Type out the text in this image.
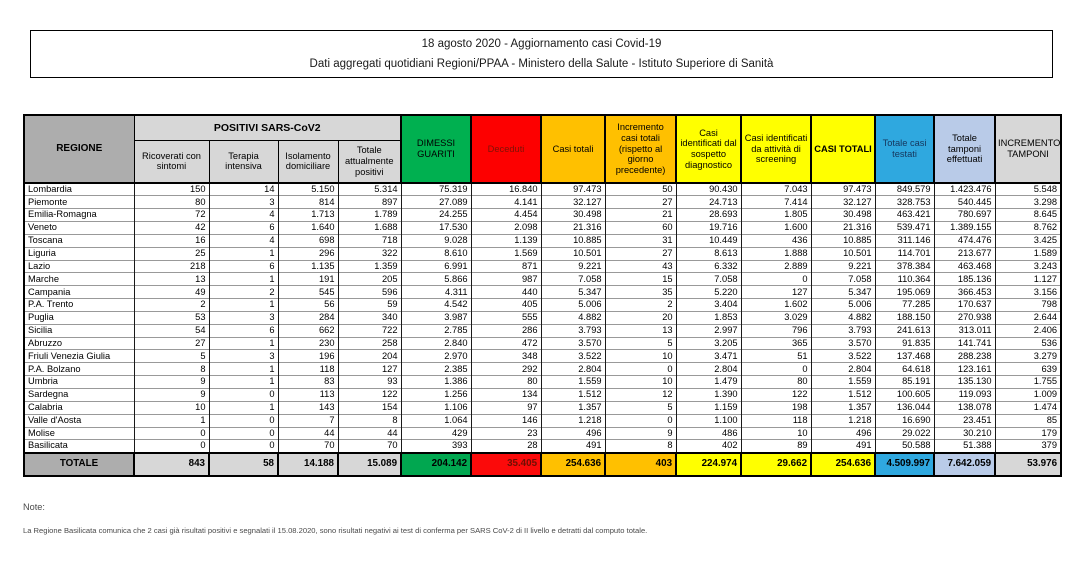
18 agosto 2020 - Aggiornamento casi Covid-19
Dati aggregati quotidiani Regioni/PPAA - Ministero della Salute - Istituto Superiore di Sanità
REGIONE	POSITIVI SARS-CoV2				DIMESSI GUARITI	Deceduti	Casi totali	Incremento casi totali (rispetto al giorno precedente)	Casi identificati dal sospetto diagnostico	Casi identificati da attività di screening	CASI TOTALI	Totale casi testati	Totale tamponi effettuati	INCREMENTO TAMPONI
	Ricoverati con sintomi	Terapia intensiva	Isolamento domiciliare	Totale attualmente positivi										
Lombardia	150	14	5.150	5.314	75.319	16.840	97.473	50	90.430	7.043	97.473	849.579	1.423.476	5.548
Piemonte	80	3	814	897	27.089	4.141	32.127	27	24.713	7.414	32.127	328.753	540.445	3.298
Emilia-Romagna	72	4	1.713	1.789	24.255	4.454	30.498	21	28.693	1.805	30.498	463.421	780.697	8.645
Veneto	42	6	1.640	1.688	17.530	2.098	21.316	60	19.716	1.600	21.316	539.471	1.389.155	8.762
Toscana	16	4	698	718	9.028	1.139	10.885	31	10.449	436	10.885	311.146	474.476	3.425
Liguria	25	1	296	322	8.610	1.569	10.501	27	8.613	1.888	10.501	114.701	213.677	1.589
Lazio	218	6	1.135	1.359	6.991	871	9.221	43	6.332	2.889	9.221	378.384	463.468	3.243
Marche	13	1	191	205	5.866	987	7.058	15	7.058	0	7.058	110.364	185.136	1.127
Campania	49	2	545	596	4.311	440	5.347	35	5.220	127	5.347	195.069	366.453	3.156
P.A. Trento	2	1	56	59	4.542	405	5.006	2	3.404	1.602	5.006	77.285	170.637	798
Puglia	53	3	284	340	3.987	555	4.882	20	1.853	3.029	4.882	188.150	270.938	2.644
Sicilia	54	6	662	722	2.785	286	3.793	13	2.997	796	3.793	241.613	313.011	2.406
Abruzzo	27	1	230	258	2.840	472	3.570	5	3.205	365	3.570	91.835	141.741	536
Friuli Venezia Giulia	5	3	196	204	2.970	348	3.522	10	3.471	51	3.522	137.468	288.238	3.279
P.A. Bolzano	8	1	118	127	2.385	292	2.804	0	2.804	0	2.804	64.618	123.161	639
Umbria	9	1	83	93	1.386	80	1.559	10	1.479	80	1.559	85.191	135.130	1.755
Sardegna	9	0	113	122	1.256	134	1.512	12	1.390	122	1.512	100.605	119.093	1.009
Calabria	10	1	143	154	1.106	97	1.357	5	1.159	198	1.357	136.044	138.078	1.474
Valle d'Aosta	1	0	7	8	1.064	146	1.218	0	1.100	118	1.218	16.690	23.451	85
Molise	0	0	44	44	429	23	496	9	486	10	496	29.022	30.210	179
Basilicata	0	0	70	70	393	28	491	8	402	89	491	50.588	51.388	379
TOTALE	843	58	14.188	15.089	204.142	35.405	254.636	403	224.974	29.662	254.636	4.509.997	7.642.059	53.976
Note:
La Regione Basilicata comunica che 2 casi già risultati positivi e segnalati il 15.08.2020, sono risultati negativi ai test di conferma per SARS CoV-2 di II livello e detratti dal computo totale.
